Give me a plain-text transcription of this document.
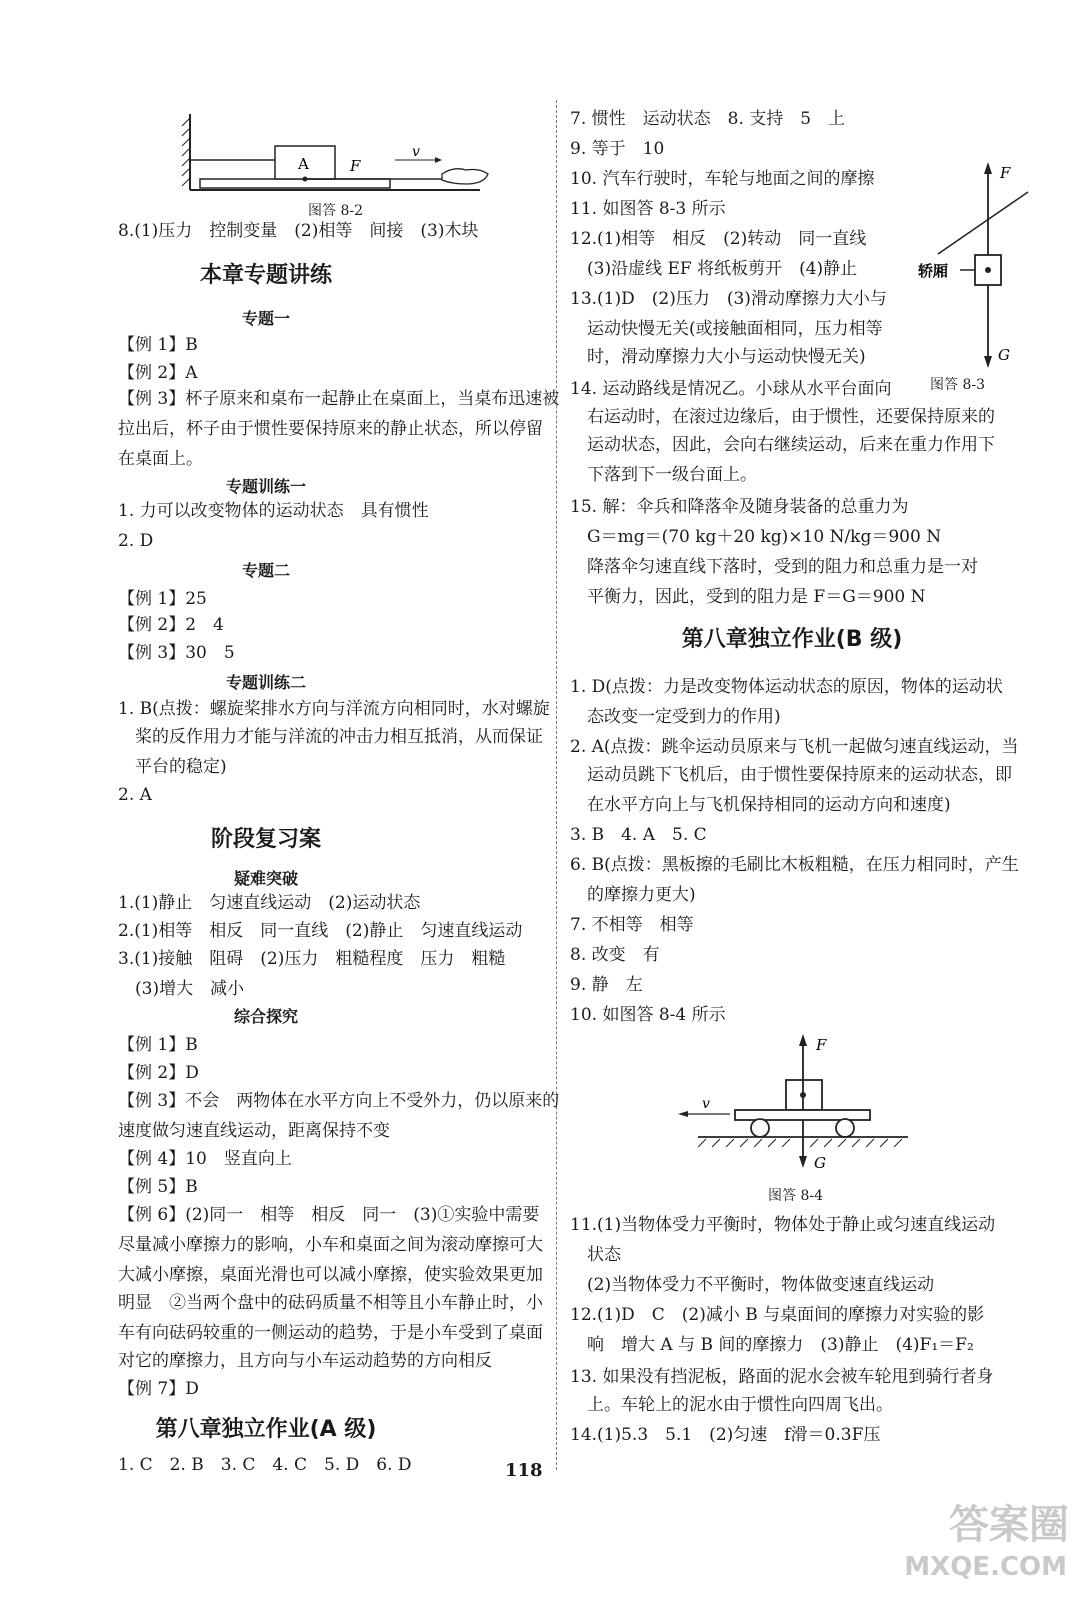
A	F
v
图答 8-2
F
G
轿厢
图答 8-3
F
G
v
图答 8-4
118
答案圈
MXQE.COM
8.(1)压力　控制变量　(2)相等　间接　(3)木块
本章专题讲练
专题一
【例 1】B
【例 2】A
【例 3】杯子原来和桌布一起静止在桌面上，当桌布迅速被
拉出后，杯子由于惯性要保持原来的静止状态，所以停留
在桌面上。
专题训练一
1. 力可以改变物体的运动状态　具有惯性
2. D
专题二
【例 1】25
【例 2】2　4
【例 3】30　5
专题训练二
1. B(点拨：螺旋桨排水方向与洋流方向相同时，水对螺旋
　桨的反作用力才能与洋流的冲击力相互抵消，从而保证
　平台的稳定)
2. A
阶段复习案
疑难突破
1.(1)静止　匀速直线运动　(2)运动状态
2.(1)相等　相反　同一直线　(2)静止　匀速直线运动
3.(1)接触　阻碍　(2)压力　粗糙程度　压力　粗糙
　(3)增大　减小
综合探究
【例 1】B
【例 2】D
【例 3】不会　两物体在水平方向上不受外力，仍以原来的
速度做匀速直线运动，距离保持不变
【例 4】10　竖直向上
【例 5】B
【例 6】(2)同一　相等　相反　同一　(3)①实验中需要
尽量减小摩擦力的影响，小车和桌面之间为滚动摩擦可大
大减小摩擦，桌面光滑也可以减小摩擦，使实验效果更加
明显　②当两个盘中的砝码质量不相等且小车静止时，小
车有向砝码较重的一侧运动的趋势，于是小车受到了桌面
对它的摩擦力，且方向与小车运动趋势的方向相反
【例 7】D
第八章独立作业(A 级)
1. C　2. B　3. C　4. C　5. D　6. D
7. 惯性　运动状态　8. 支持　5　上
9. 等于　10
10. 汽车行驶时，车轮与地面之间的摩擦
11. 如图答 8-3 所示
12.(1)相等　相反　(2)转动　同一直线
　(3)沿虚线 EF 将纸板剪开　(4)静止
13.(1)D　(2)压力　(3)滑动摩擦力大小与
　运动快慢无关(或接触面相同，压力相等
　时，滑动摩擦力大小与运动快慢无关)
14. 运动路线是情况乙。小球从水平台面向
　右运动时，在滚过边缘后，由于惯性，还要保持原来的
　运动状态，因此，会向右继续运动，后来在重力作用下
　下落到下一级台面上。
15. 解：伞兵和降落伞及随身装备的总重力为
　G＝mg＝(70 kg＋20 kg)×10 N/kg＝900 N
　降落伞匀速直线下落时，受到的阻力和总重力是一对
　平衡力，因此，受到的阻力是 F＝G＝900 N
第八章独立作业(B 级)
1. D(点拨：力是改变物体运动状态的原因，物体的运动状
　态改变一定受到力的作用)
2. A(点拨：跳伞运动员原来与飞机一起做匀速直线运动，当
　运动员跳下飞机后，由于惯性要保持原来的运动状态，即
　在水平方向上与飞机保持相同的运动方向和速度)
3. B　4. A　5. C
6. B(点拨：黑板擦的毛刷比木板粗糙，在压力相同时，产生
　的摩擦力更大)
7. 不相等　相等
8. 改变　有
9. 静　左
10. 如图答 8-4 所示
11.(1)当物体受力平衡时，物体处于静止或匀速直线运动
　状态
　(2)当物体受力不平衡时，物体做变速直线运动
12.(1)D　C　(2)减小 B 与桌面间的摩擦力对实验的影
　响　增大 A 与 B 间的摩擦力　(3)静止　(4)F₁＝F₂
13. 如果没有挡泥板，路面的泥水会被车轮甩到骑行者身
　上。车轮上的泥水由于惯性向四周飞出。
14.(1)5.3　5.1　(2)匀速　f滑＝0.3F压
